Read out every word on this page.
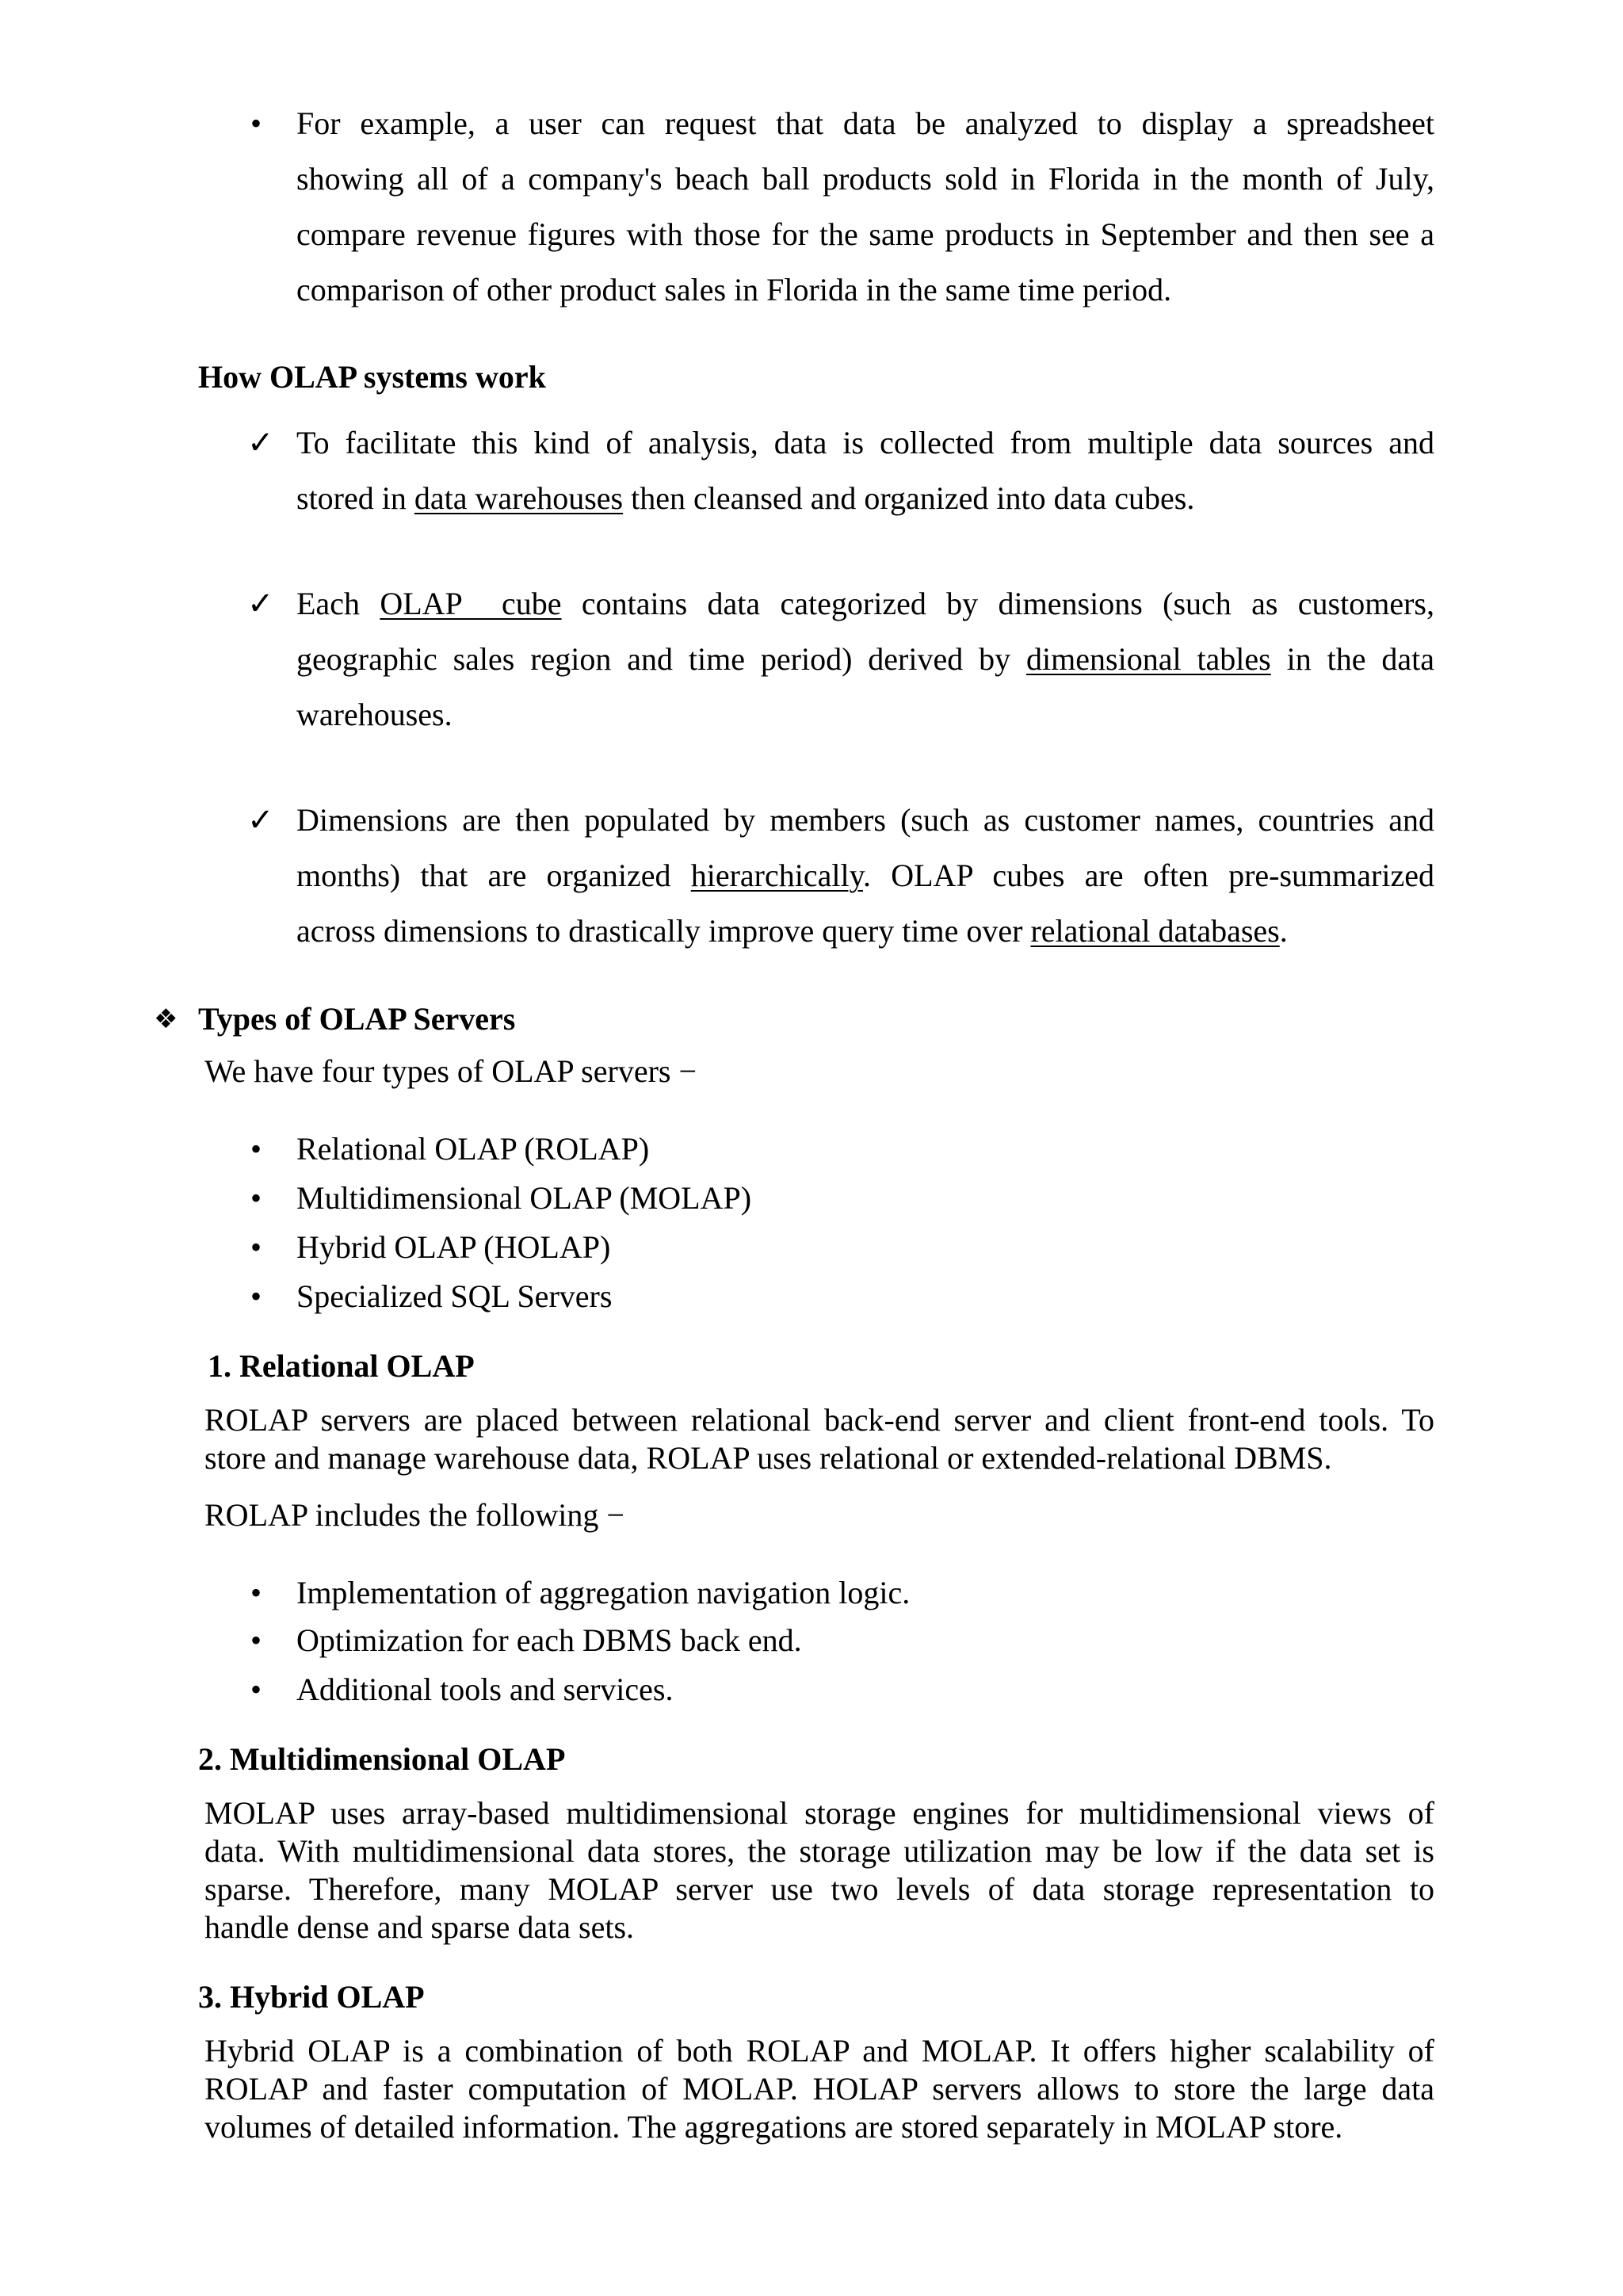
• For example, a user can request that data be analyzed to display a spreadsheet
showing all of a company's beach ball products sold in Florida in the month of July,
compare revenue figures with those for the same products in September and then see a
comparison of other product sales in Florida in the same time period.
How OLAP systems work
✓ To facilitate this kind of analysis, data is collected from multiple data sources and
stored in data warehouses then cleansed and organized into data cubes.
✓ Each OLAP  cube contains data categorized by dimensions (such as customers,
geographic sales region and time period) derived by dimensional tables in the data
warehouses.
✓ Dimensions are then populated by members (such as customer names, countries and
months) that are organized hierarchically. OLAP cubes are often pre-summarized
across dimensions to drastically improve query time over relational databases.
❖ Types of OLAP Servers
We have four types of OLAP servers −
• Relational OLAP (ROLAP)
• Multidimensional OLAP (MOLAP)
• Hybrid OLAP (HOLAP)
• Specialized SQL Servers
1. Relational OLAP
ROLAP servers are placed between relational back-end server and client front-end tools. To
store and manage warehouse data, ROLAP uses relational or extended-relational DBMS.
ROLAP includes the following −
• Implementation of aggregation navigation logic.
• Optimization for each DBMS back end.
• Additional tools and services.
2. Multidimensional OLAP
MOLAP uses array-based multidimensional storage engines for multidimensional views of
data. With multidimensional data stores, the storage utilization may be low if the data set is
sparse. Therefore, many MOLAP server use two levels of data storage representation to
handle dense and sparse data sets.
3. Hybrid OLAP
Hybrid OLAP is a combination of both ROLAP and MOLAP. It offers higher scalability of
ROLAP and faster computation of MOLAP. HOLAP servers allows to store the large data
volumes of detailed information. The aggregations are stored separately in MOLAP store.
